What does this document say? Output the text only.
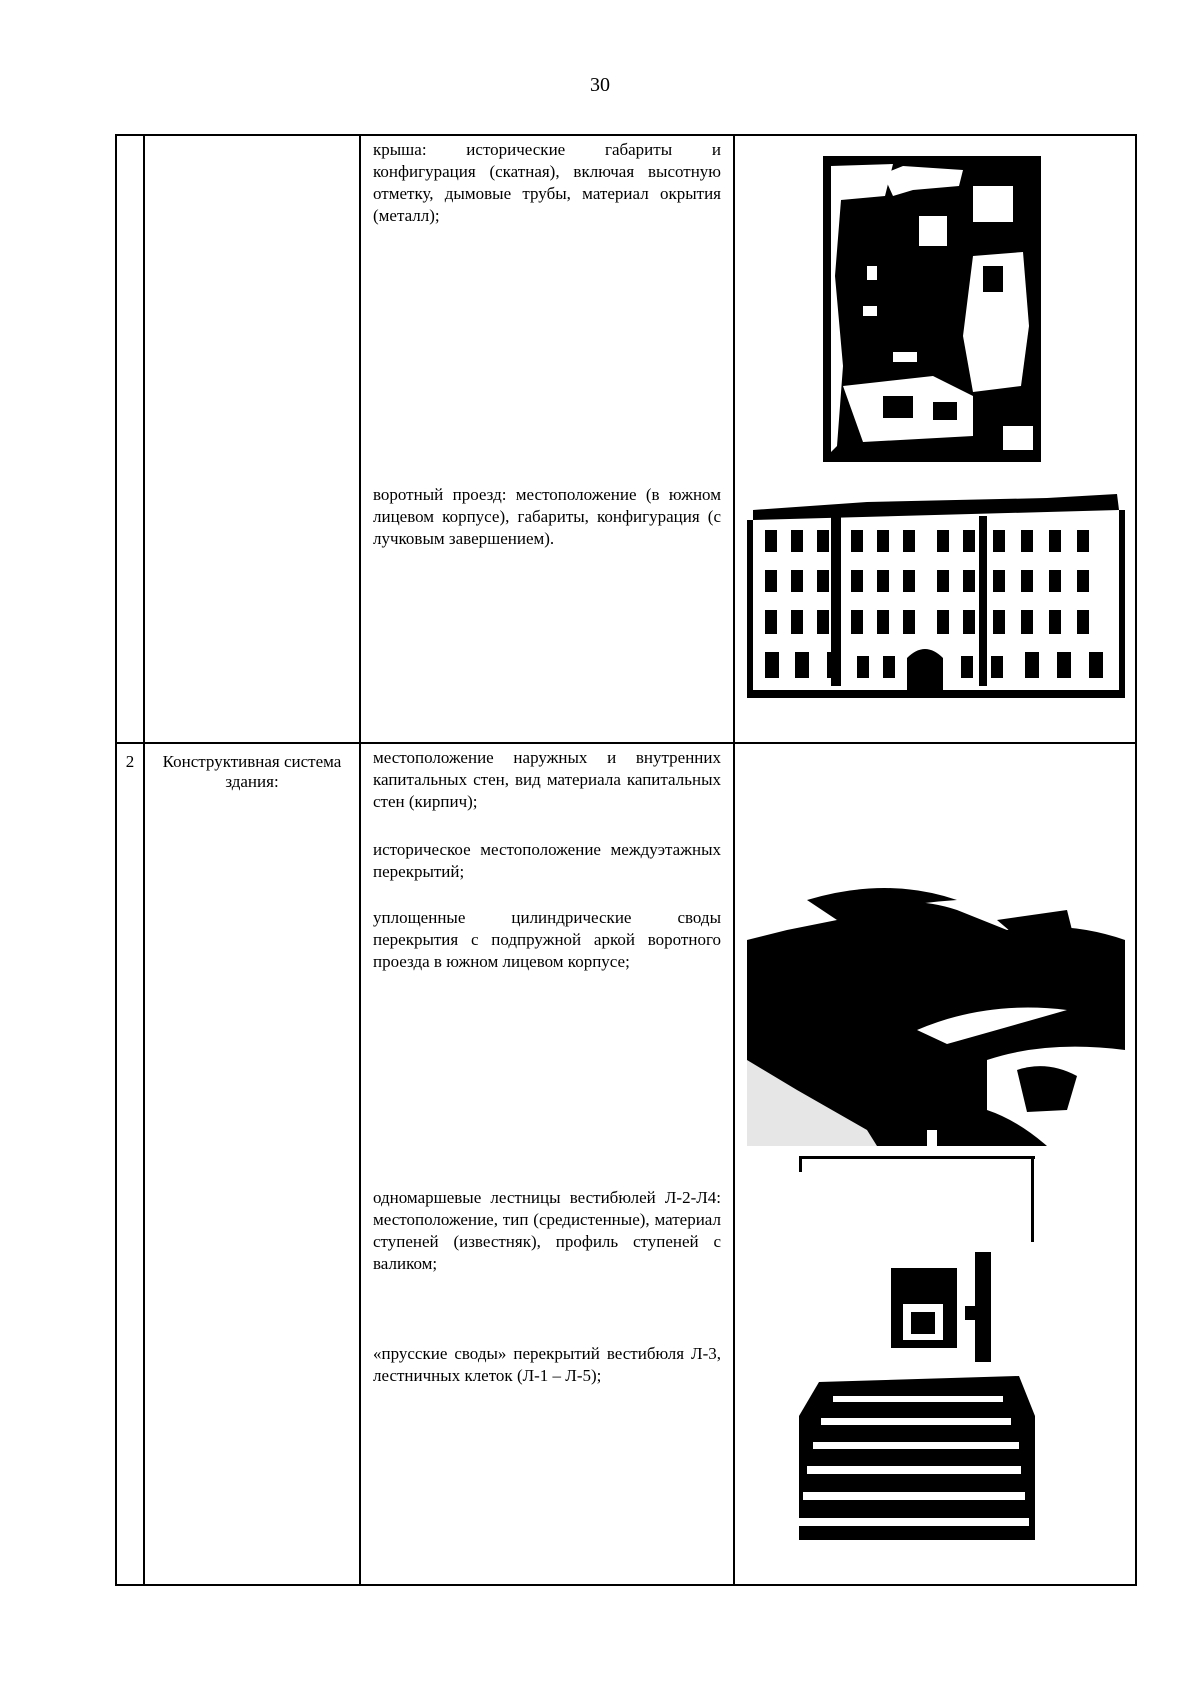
30

		крыша: исторические габариты и конфигурация (скатная), включая высотную отметку, дымовые трубы, материал окрытия (металл);
воротный проезд: местоположение (в южном лицевом корпусе), габариты, конфигурация (с лучковым завершением).

2	Конструктивная система здания:	местоположение наружных и внутренних капитальных стен, вид материала капитальных стен (кирпич);
историческое местоположение междуэтажных перекрытий;
уплощенные цилиндрические своды перекрытия с подпружной аркой воротного проезда в южном лицевом корпусе;
одномаршевые лестницы вестибюлей Л-2-Л4: местоположение, тип (средистенные), материал ступеней (известняк), профиль ступеней с валиком;
«прусские своды» перекрытий вестибюля Л-3, лестничных клеток (Л-1 – Л-5);
